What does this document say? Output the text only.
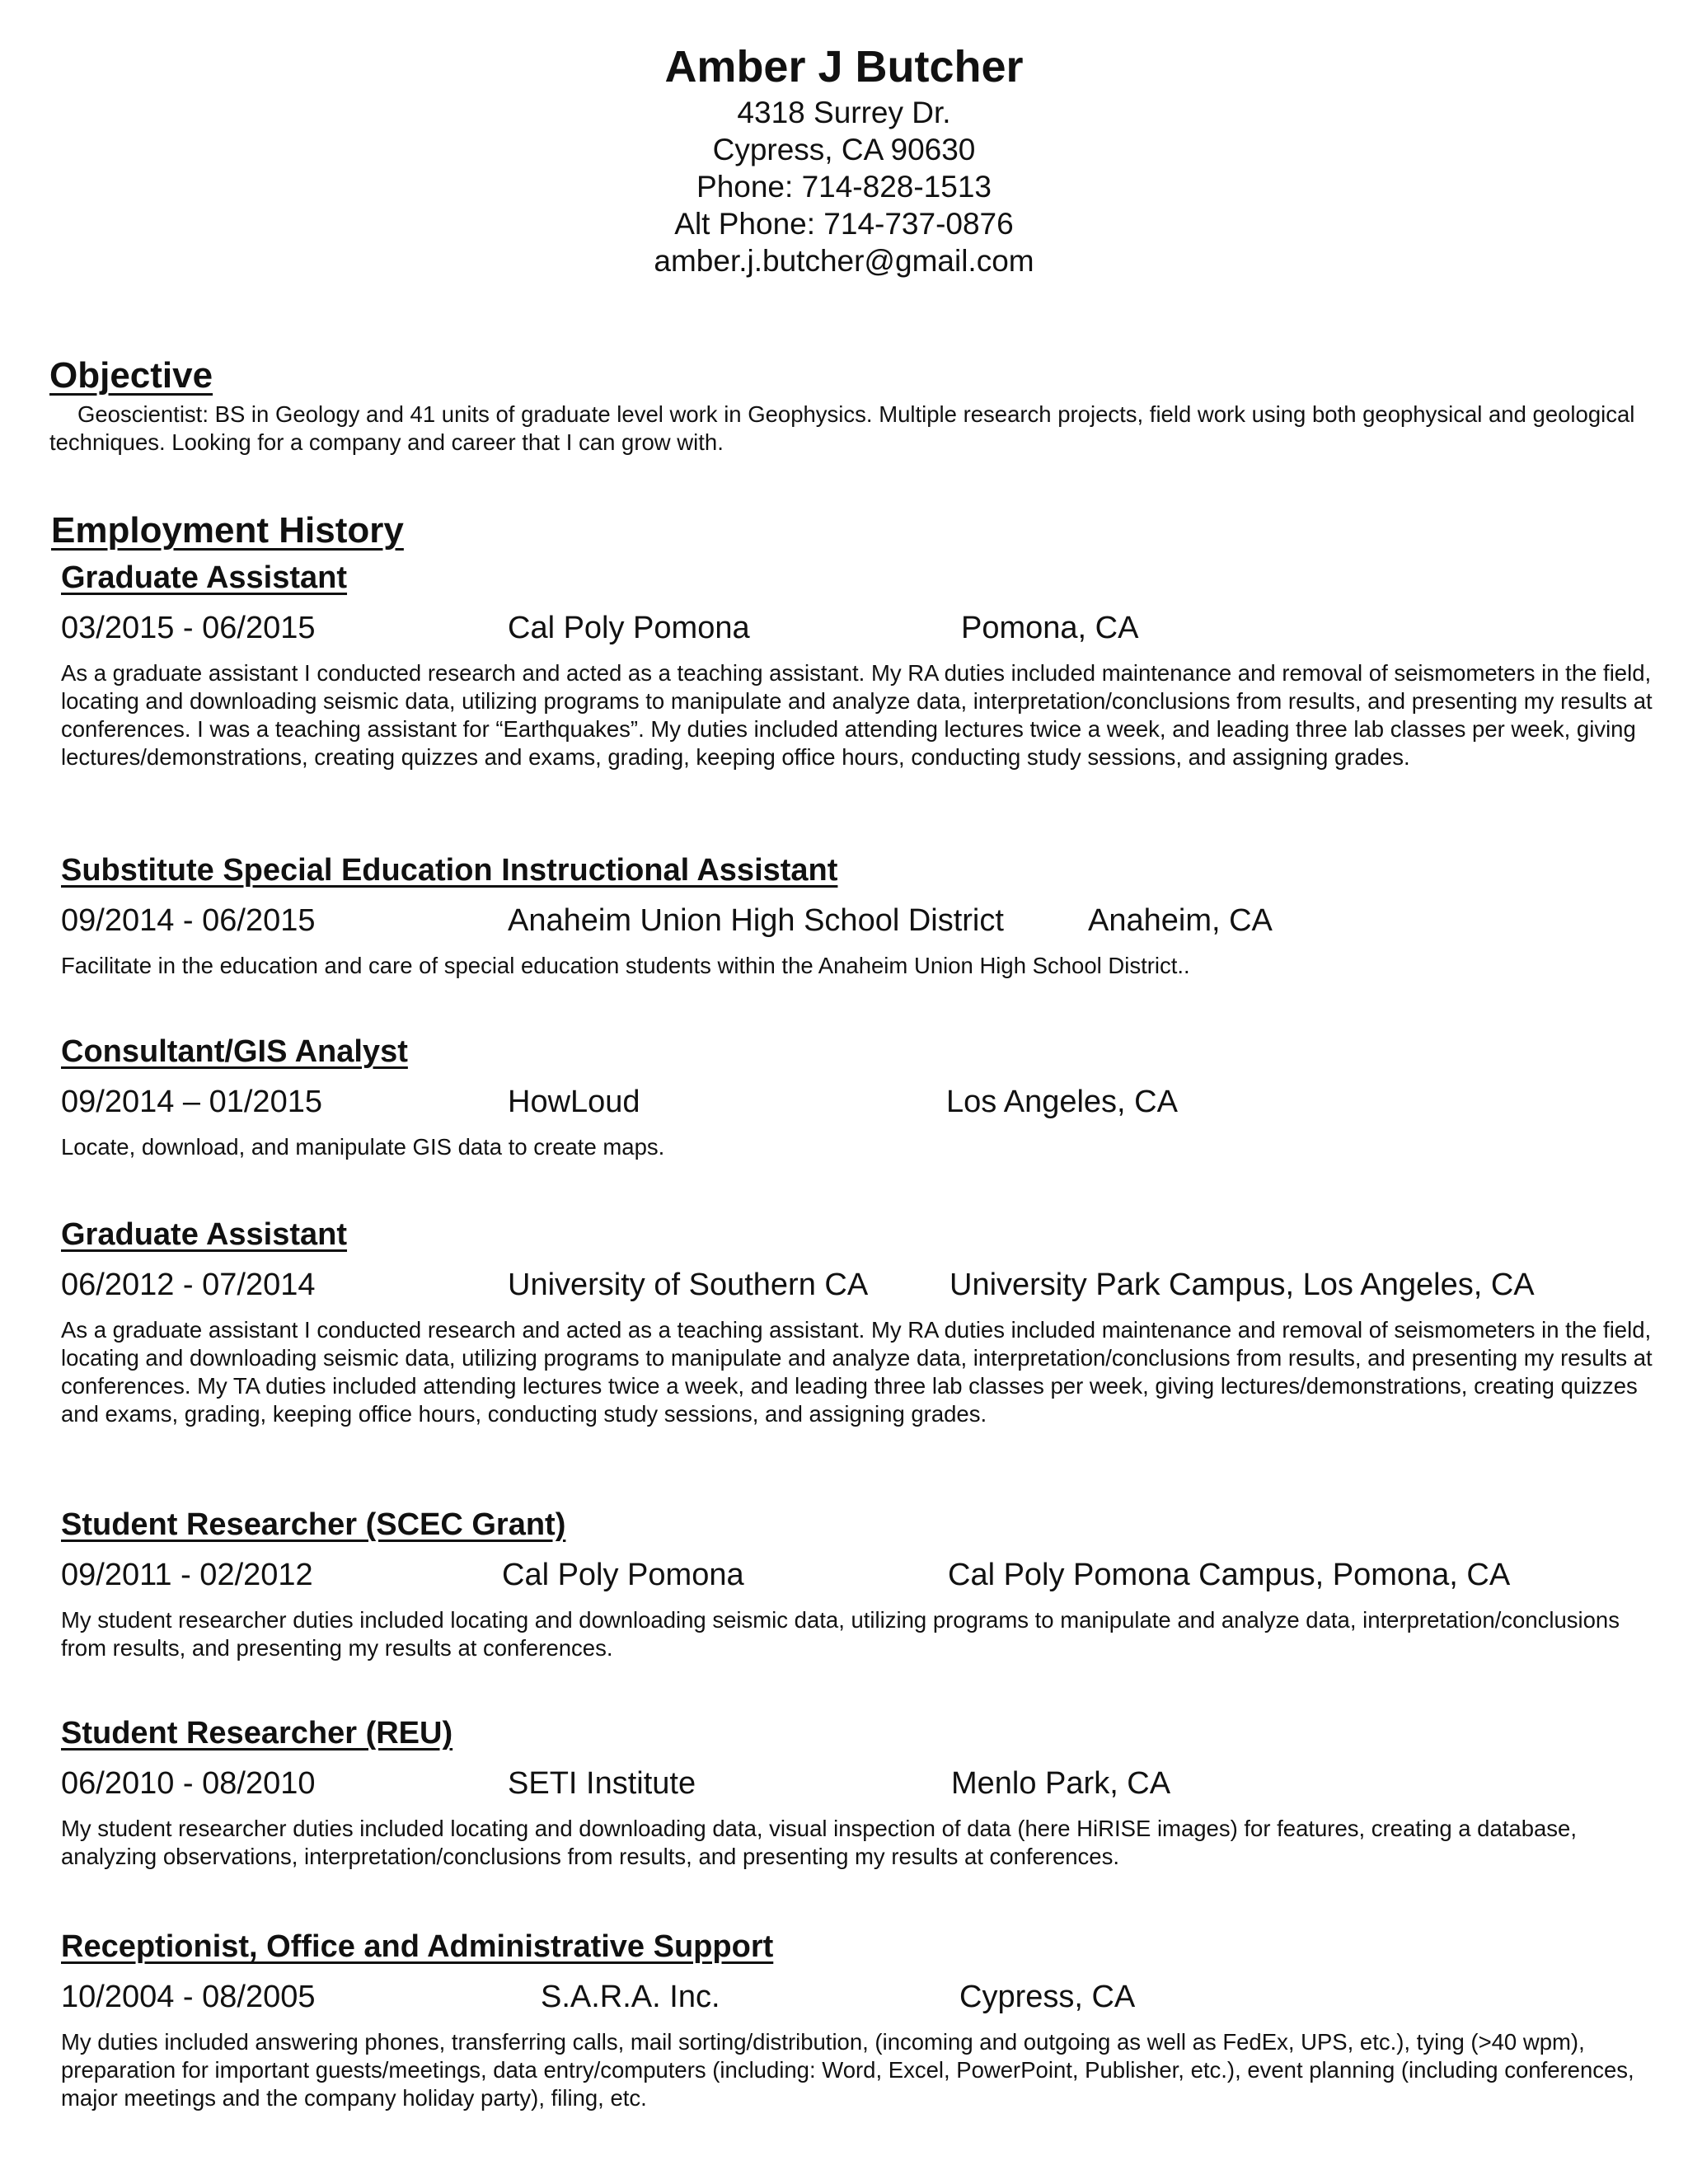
Amber J Butcher

4318 Surrey Dr.

Cypress, CA 90630

Phone: 714-828-1513

Alt Phone: 714-737-0876

amber.j.butcher@gmail.com

Objective

Geoscientist: BS in Geology and 41 units of graduate level work in Geophysics. Multiple research projects, field work using both geophysical and geological techniques. Looking for a company and career that I can grow with.

Employment History

Graduate Assistant

03/2015 - 06/2015	Cal Poly Pomona	Pomona, CA

As a graduate assistant I conducted research and acted as a teaching assistant. My RA duties included maintenance and removal of seismometers in the field, locating and downloading seismic data, utilizing programs to manipulate and analyze data, interpretation/conclusions from results, and presenting my results at conferences. I was a teaching assistant for “Earthquakes”. My duties included attending lectures twice a week, and leading three lab classes per week, giving lectures/demonstrations, creating quizzes and exams, grading, keeping office hours, conducting study sessions, and assigning grades.

Substitute Special Education Instructional Assistant

09/2014 - 06/2015	Anaheim Union High School District	Anaheim, CA

Facilitate in the education and care of special education students within the Anaheim Union High School District..

Consultant/GIS Analyst

09/2014 – 01/2015	HowLoud	Los Angeles, CA

Locate, download, and manipulate GIS data to create maps.

Graduate Assistant

06/2012 - 07/2014	University of Southern CA	University Park Campus, Los Angeles, CA

As a graduate assistant I conducted research and acted as a teaching assistant. My RA duties included maintenance and removal of seismometers in the field, locating and downloading seismic data, utilizing programs to manipulate and analyze data, interpretation/conclusions from results, and presenting my results at conferences. My TA duties included attending lectures twice a week, and leading three lab classes per week, giving lectures/demonstrations, creating quizzes and exams, grading, keeping office hours, conducting study sessions, and assigning grades.

Student Researcher (SCEC Grant)

09/2011 - 02/2012	Cal Poly Pomona	Cal Poly Pomona Campus, Pomona, CA

My student researcher duties included locating and downloading seismic data, utilizing programs to manipulate and analyze data, interpretation/conclusions from results, and presenting my results at conferences.

Student Researcher (REU)

06/2010 - 08/2010	SETI Institute	Menlo Park, CA

My student researcher duties included locating and downloading data, visual inspection of data (here HiRISE images) for features, creating a database, analyzing observations, interpretation/conclusions from results, and presenting my results at conferences.

Receptionist, Office and Administrative Support

10/2004 - 08/2005	S.A.R.A. Inc.	Cypress, CA

My duties included answering phones, transferring calls, mail sorting/distribution, (incoming and outgoing as well as FedEx, UPS, etc.), tying (>40 wpm), preparation for important guests/meetings, data entry/computers (including: Word, Excel, PowerPoint, Publisher, etc.), event planning (including conferences, major meetings and the company holiday party), filing, etc.
